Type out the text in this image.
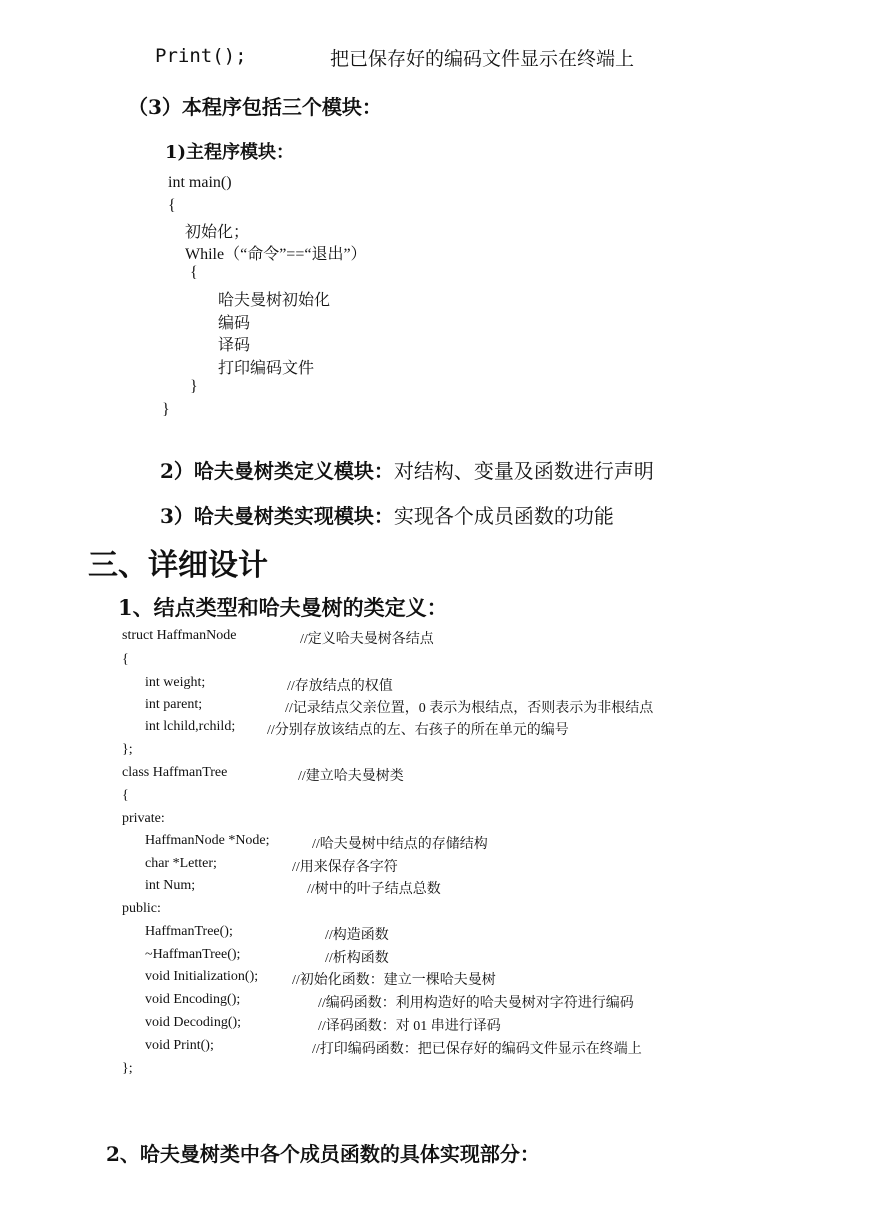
Print();	把已保存好的编码文件显示在终端上
（3）本程序包括三个模块：
1)主程序模块：
int main()
{
初始化；
While（“命令”==“退出”）
{
哈夫曼树初始化
编码
译码
打印编码文件
}
}
2）哈夫曼树类定义模块：对结构、变量及函数进行声明
3）哈夫曼树类实现模块：实现各个成员函数的功能
三、详细设计
1、结点类型和哈夫曼树的类定义：
struct HaffmanNode	//定义哈夫曼树各结点
{
int weight;	//存放结点的权值
int parent;	//记录结点父亲位置，0 表示为根结点，否则表示为非根结点
int lchild,rchild; //分别存放该结点的左、右孩子的所在单元的编号
};
class HaffmanTree	//建立哈夫曼树类
{
private:
HaffmanNode *Node;	//哈夫曼树中结点的存储结构
char *Letter;	//用来保存各字符
int Num;	//树中的叶子结点总数
public:
HaffmanTree();	//构造函数
~HaffmanTree();	//析构函数
void Initialization(); //初始化函数：建立一棵哈夫曼树
void Encoding();	//编码函数：利用构造好的哈夫曼树对字符进行编码
void Decoding();	//译码函数：对 01 串进行译码
void Print();	//打印编码函数：把已保存好的编码文件显示在终端上
};
2、哈夫曼树类中各个成员函数的具体实现部分：
